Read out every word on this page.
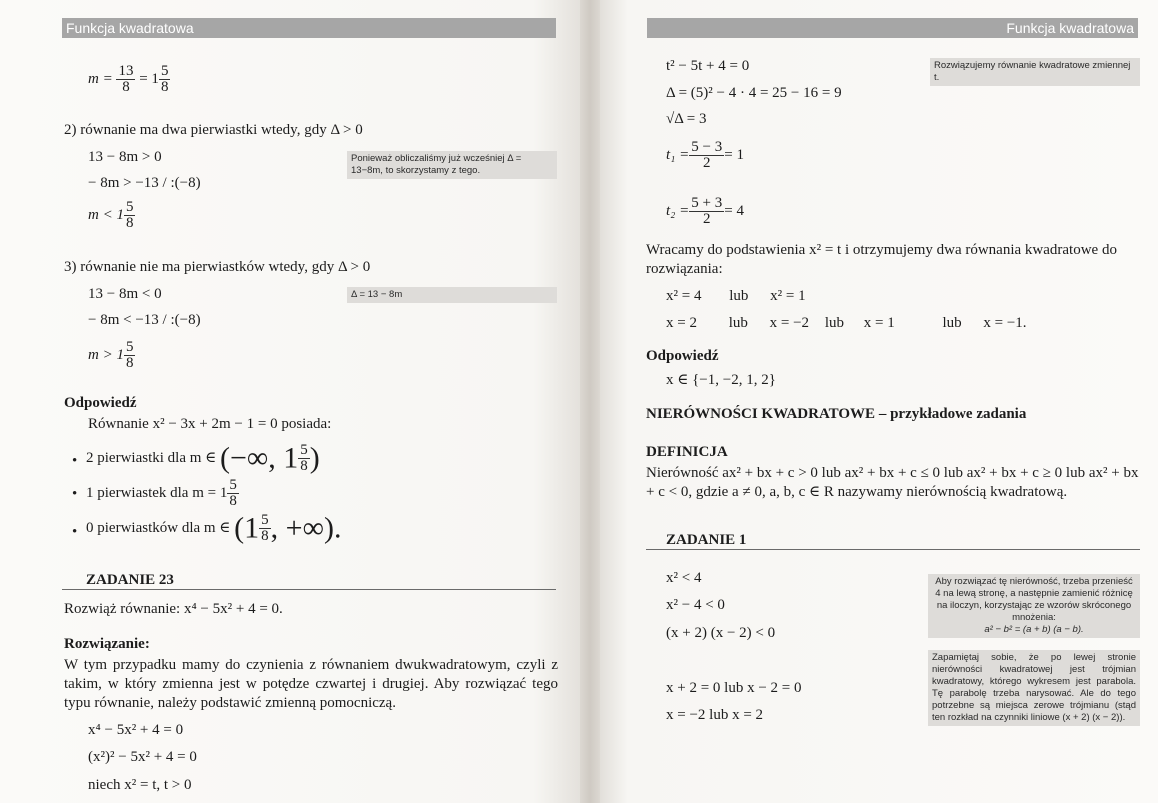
Funkcja kwadratowa
$m = \frac{13}{8} = 1 \frac{5}{8}$
2) równanie ma dwa pierwiastki wtedy, gdy Δ > 0
13 − 8m > 0
− 8m > −13 / :(−8)
$m < 1 \frac{5}{8}$
Ponieważ obliczaliśmy już wcześniej Δ = 13−8m, to skorzystamy z tego.
3) równanie nie ma pierwiastków wtedy, gdy Δ > 0
13 − 8m < 0
− 8m < −13 / :(−8)
$m > 1 \frac{5}{8}$
Δ = 13 − 8m
Odpowiedź
Równanie x² − 3x + 2m − 1 = 0 posiada:
• 2 pierwiastki dla m ∈ (−∞, $1 \frac{5}{8}$ )
• 1 pierwiastek dla $m = 1 \frac{5}{8}$
• 0 pierwiastków dla m ∈ ($1 \frac{5}{8}$ , +∞).
ZADANIE 23
Rozwiąż równanie: x⁴ − 5x² + 4 = 0.
Rozwiązanie:
W tym przypadku mamy do czynienia z równaniem dwukwadratowym, czyli z takim, w który zmienna jest w potędze czwartej i drugiej. Aby rozwiązać tego typu równanie, należy podstawić zmienną pomocniczą.
x⁴ − 5x² + 4 = 0
(x²)² − 5x² + 4 = 0
niech x² = t, t > 0
Funkcja kwadratowa
t² − 5t + 4 = 0
Δ = (5)² − 4 · 4 = 25 − 16 = 9
√Δ = 3
Rozwiązujemy równanie kwadratowe zmiennej t.
$t_1 = \frac{5 - 3}{2} = 1$
$t_2 = \frac{5 + 3}{2} = 4$
Wracamy do podstawienia x² = t i otrzymujemy dwa równania kwadratowe do rozwiązania:
x² = 4 lub x² = 1
x = 2 lub x = −2 lub x = 1	lub x = −1.
Odpowiedź
x ∈ {−1, −2, 1, 2}
NIERÓWNOŚCI KWADRATOWE – przykładowe zadania
DEFINICJA
Nierówność ax² + bx + c > 0 lub ax² + bx + c ≤ 0 lub ax² + bx + c ≥ 0 lub ax² + bx + c < 0, gdzie a ≠ 0, a, b, c ∈ R nazywamy nierównością kwadratową.
ZADANIE 1
x² < 4
x² − 4 < 0
(x + 2) (x − 2) < 0
x + 2 = 0 lub x − 2 = 0
x = −2 lub x = 2
Aby rozwiązać tę nierówność, trzeba przenieść 4 na lewą stronę, a następnie zamienić różnicę na iloczyn, korzystając ze wzorów skróconego mnożenia:
a² − b² = (a + b) (a − b).
Zapamiętaj sobie, że po lewej stronie nierówności kwadratowej jest trójmian kwadratowy, którego wykresem jest parabola. Tę parabolę trzeba narysować. Ale do tego potrzebne są miejsca zerowe trójmianu (stąd ten rozkład na czynniki liniowe (x + 2) (x − 2)).
